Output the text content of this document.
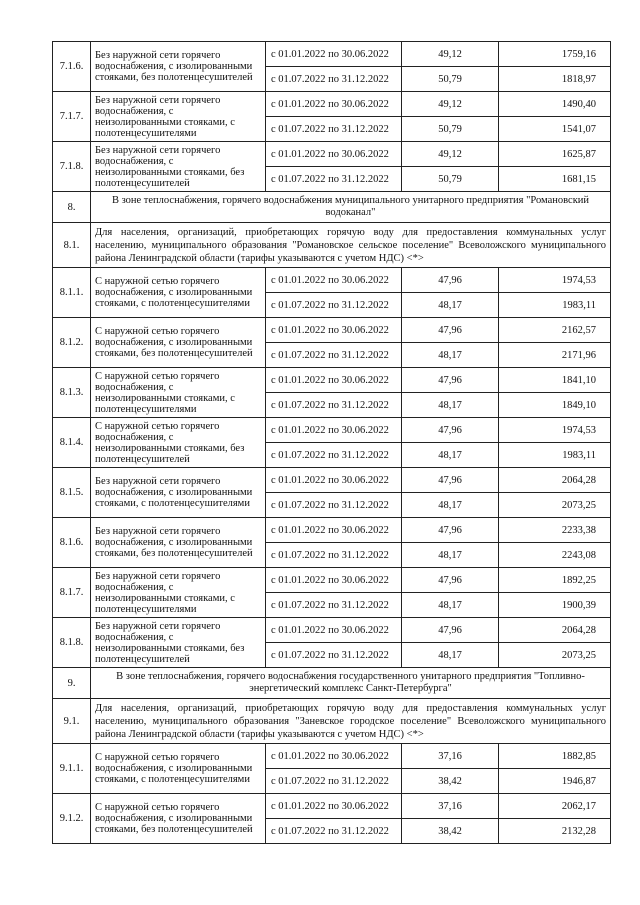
7.1.6.	Без наружной сети горячего водоснабжения, с изолированными стояками, без полотенцесушителей	с 01.01.2022 по 30.06.2022	49,12	1759,16
		с 01.07.2022 по 31.12.2022	50,79	1818,97
7.1.7.	Без наружной сети горячего водоснабжения, с неизолированными стояками, с полотенцесушителями	с 01.01.2022 по 30.06.2022	49,12	1490,40
		с 01.07.2022 по 31.12.2022	50,79	1541,07
7.1.8.	Без наружной сети горячего водоснабжения, с неизолированными стояками, без полотенцесушителей	с 01.01.2022 по 30.06.2022	49,12	1625,87
		с 01.07.2022 по 31.12.2022	50,79	1681,15
8.	В зоне теплоснабжения, горячего водоснабжения муниципального унитарного предприятия "Романовский водоканал"			
8.1.	Для населения, организаций, приобретающих горячую воду для предоставления коммунальных услуг населению, муниципального образования "Романовское сельское поселение" Всеволожского муниципального района Ленинградской области (тарифы указываются с учетом НДС) <*>			
8.1.1.	С наружной сетью горячего водоснабжения, с изолированными стояками, с полотенцесушителями	с 01.01.2022 по 30.06.2022	47,96	1974,53
		с 01.07.2022 по 31.12.2022	48,17	1983,11
8.1.2.	С наружной сетью горячего водоснабжения, с изолированными стояками, без полотенцесушителей	с 01.01.2022 по 30.06.2022	47,96	2162,57
		с 01.07.2022 по 31.12.2022	48,17	2171,96
8.1.3.	С наружной сетью горячего водоснабжения, с неизолированными стояками, с полотенцесушителями	с 01.01.2022 по 30.06.2022	47,96	1841,10
		с 01.07.2022 по 31.12.2022	48,17	1849,10
8.1.4.	С наружной сетью горячего водоснабжения, с неизолированными стояками, без полотенцесушителей	с 01.01.2022 по 30.06.2022	47,96	1974,53
		с 01.07.2022 по 31.12.2022	48,17	1983,11
8.1.5.	Без наружной сети горячего водоснабжения, с изолированными стояками, с полотенцесушителями	с 01.01.2022 по 30.06.2022	47,96	2064,28
		с 01.07.2022 по 31.12.2022	48,17	2073,25
8.1.6.	Без наружной сети горячего водоснабжения, с изолированными стояками, без полотенцесушителей	с 01.01.2022 по 30.06.2022	47,96	2233,38
		с 01.07.2022 по 31.12.2022	48,17	2243,08
8.1.7.	Без наружной сети горячего водоснабжения, с неизолированными стояками, с полотенцесушителями	с 01.01.2022 по 30.06.2022	47,96	1892,25
		с 01.07.2022 по 31.12.2022	48,17	1900,39
8.1.8.	Без наружной сети горячего водоснабжения, с неизолированными стояками, без полотенцесушителей	с 01.01.2022 по 30.06.2022	47,96	2064,28
		с 01.07.2022 по 31.12.2022	48,17	2073,25
9.	В зоне теплоснабжения, горячего водоснабжения государственного унитарного предприятия "Топливно-энергетический комплекс Санкт-Петербурга"			
9.1.	Для населения, организаций, приобретающих горячую воду для предоставления коммунальных услуг населению, муниципального образования "Заневское городское поселение" Всеволожского муниципального района Ленинградской области (тарифы указываются с учетом НДС) <*>			
9.1.1.	С наружной сетью горячего водоснабжения, с изолированными стояками, с полотенцесушителями	с 01.01.2022 по 30.06.2022	37,16	1882,85
		с 01.07.2022 по 31.12.2022	38,42	1946,87
9.1.2.	С наружной сетью горячего водоснабжения, с изолированными стояками, без полотенцесушителей	с 01.01.2022 по 30.06.2022	37,16	2062,17
		с 01.07.2022 по 31.12.2022	38,42	2132,28
